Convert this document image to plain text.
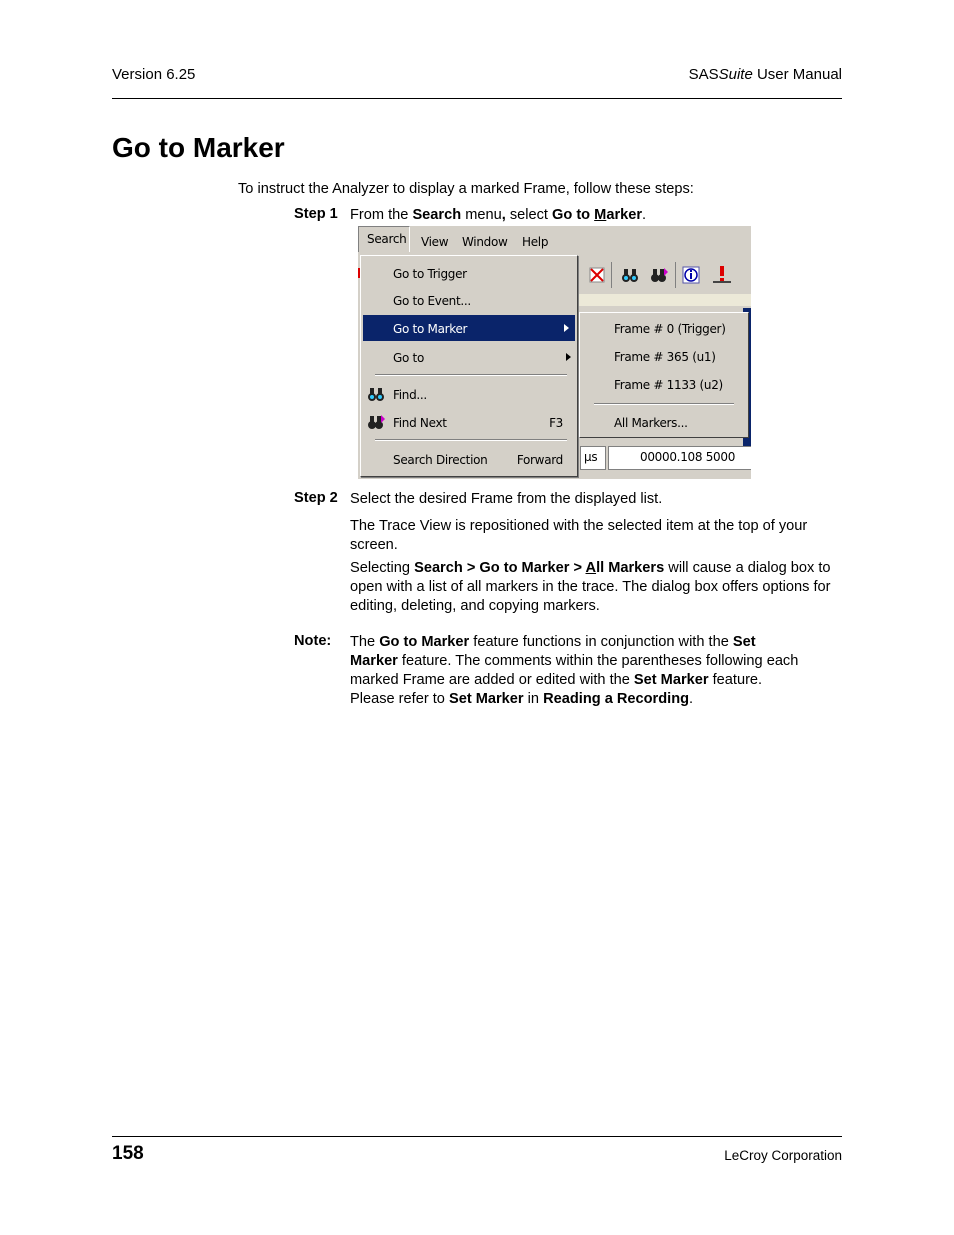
Version 6.25	SASSuite User Manual
Go to Marker
To instruct the Analyzer to display a marked Frame, follow these steps:
Step 1 From the Search menu, select Go to Marker.
Search View Window Help
µs	00000.108 5000
Go to Trigger
Go to Event...
Go to Marker
Go to
Find...
Find Next	F3
Search Direction Forward
Frame # 0 (Trigger)
Frame # 365 (u1)
Frame # 1133 (u2)
All Markers...
Step 2 Select the desired Frame from the displayed list.

The Trace View is repositioned with the selected item at the top of your screen.

Selecting Search > Go to Marker > All Markers will cause a dialog box to open with a list of all markers in the trace. The dialog box offers options for editing, deleting, and copying markers.

Note: The Go to Marker feature functions in conjunction with the Set Marker feature. The comments within the parentheses following each marked Frame are added or edited with the Set Marker feature. Please refer to Set Marker in Reading a Recording.

158	LeCroy Corporation
